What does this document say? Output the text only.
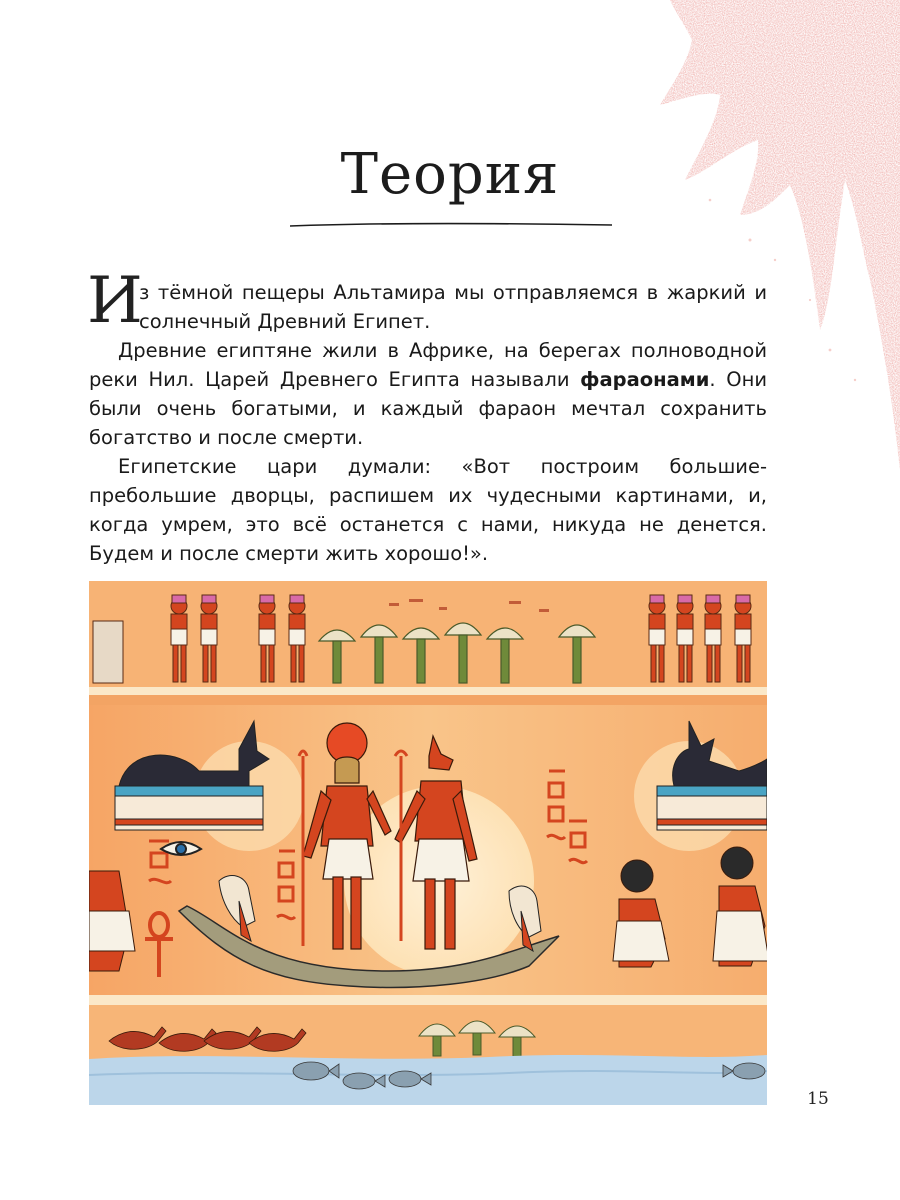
Теория

И
з тёмной пещеры Альтамира мы отправляемся в жаркий и солнечный Древний Египет.

Древние египтяне жили в Африке, на берегах полноводной реки Нил. Царей Древнего Египта называли фараонами. Они были очень богатыми, и каждый фараон мечтал сохранить богатство и после смерти.

Египетские цари думали: «Вот построим большие-пребольшие дворцы, распишем их чудесными картинами, и, когда умрем, это всё останется с нами, никуда не денется. Будем и после смерти жить хорошо!».

15
